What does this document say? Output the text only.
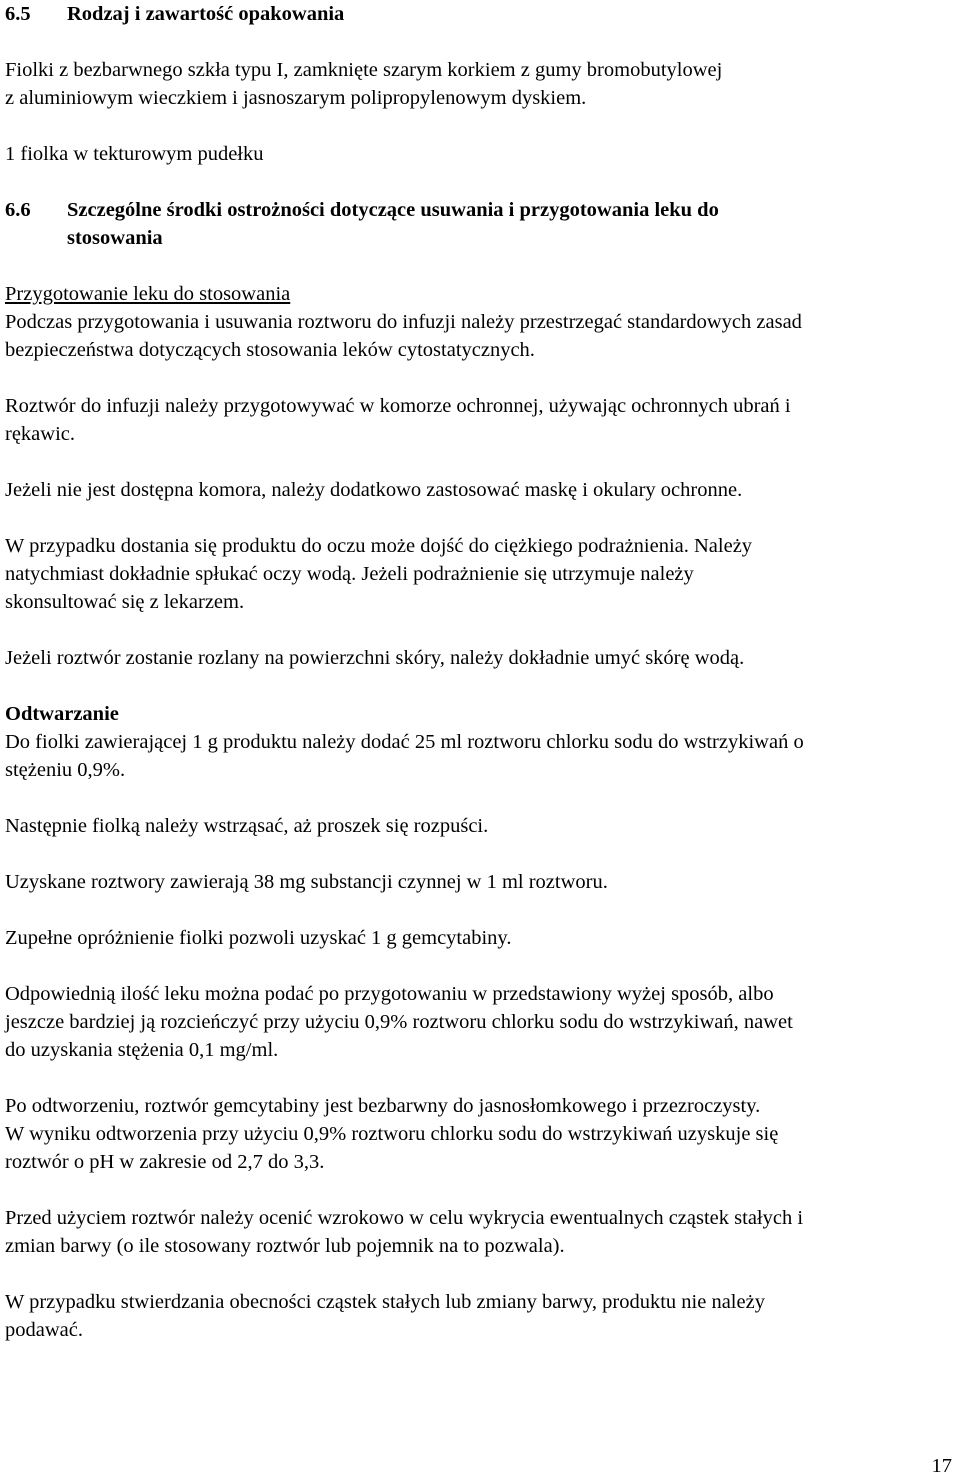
6.5 Rodzaj i zawartość opakowania
Fiolki z bezbarwnego szkła typu I, zamknięte szarym korkiem z gumy bromobutylowej
z aluminiowym wieczkiem i jasnoszarym polipropylenowym dyskiem.
1 fiolka w tekturowym pudełku
6.6 Szczególne środki ostrożności dotyczące usuwania i przygotowania leku do
stosowania
Przygotowanie leku do stosowania
Podczas przygotowania i usuwania roztworu do infuzji należy przestrzegać standardowych zasad
bezpieczeństwa dotyczących stosowania leków cytostatycznych.
Roztwór do infuzji należy przygotowywać w komorze ochronnej, używając ochronnych ubrań i
rękawic.
Jeżeli nie jest dostępna komora, należy dodatkowo zastosować maskę i okulary ochronne.
W przypadku dostania się produktu do oczu może dojść do ciężkiego podrażnienia. Należy
natychmiast dokładnie spłukać oczy wodą. Jeżeli podrażnienie się utrzymuje należy
skonsultować się z lekarzem.
Jeżeli roztwór zostanie rozlany na powierzchni skóry, należy dokładnie umyć skórę wodą.
Odtwarzanie
Do fiolki zawierającej 1 g produktu należy dodać 25 ml roztworu chlorku sodu do wstrzykiwań o
stężeniu 0,9%.
Następnie fiolką należy wstrząsać, aż proszek się rozpuści.
Uzyskane roztwory zawierają 38 mg substancji czynnej w 1 ml roztworu.
Zupełne opróżnienie fiolki pozwoli uzyskać 1 g gemcytabiny.
Odpowiednią ilość leku można podać po przygotowaniu w przedstawiony wyżej sposób, albo
jeszcze bardziej ją rozcieńczyć przy użyciu 0,9% roztworu chlorku sodu do wstrzykiwań, nawet
do uzyskania stężenia 0,1 mg/ml.
Po odtworzeniu, roztwór gemcytabiny jest bezbarwny do jasnosłomkowego i przezroczysty.
W wyniku odtworzenia przy użyciu 0,9% roztworu chlorku sodu do wstrzykiwań uzyskuje się
roztwór o pH w zakresie od 2,7 do 3,3.
Przed użyciem roztwór należy ocenić wzrokowo w celu wykrycia ewentualnych cząstek stałych i
zmian barwy (o ile stosowany roztwór lub pojemnik na to pozwala).
W przypadku stwierdzania obecności cząstek stałych lub zmiany barwy, produktu nie należy
podawać.
17
